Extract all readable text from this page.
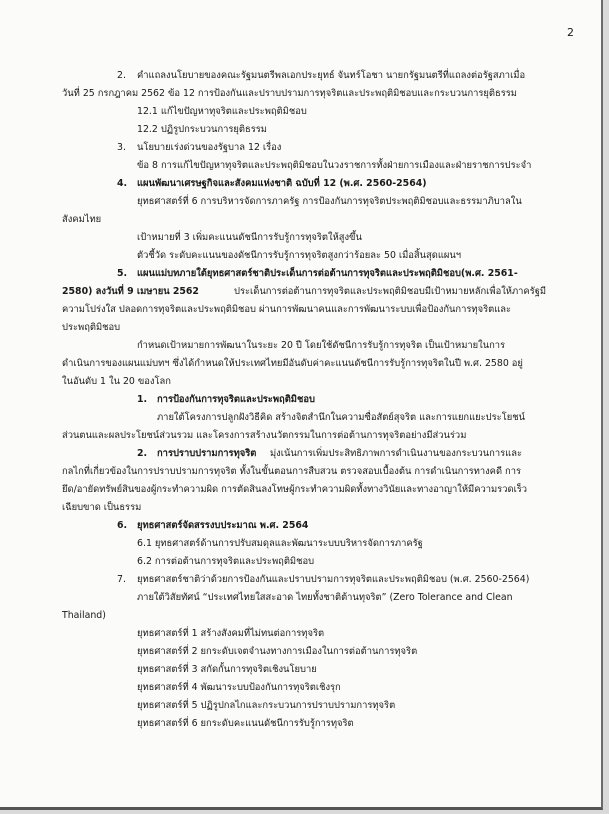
2
2. คำแถลงนโยบายของคณะรัฐมนตรีพลเอกประยุทธ์ จันทร์โอชา นายกรัฐมนตรีที่แถลงต่อรัฐสภาเมื่อ
วันที่ 25 กรกฎาคม 2562 ข้อ 12 การป้องกันและปราบปรามการทุจริตและประพฤติมิชอบและกระบวนการยุติธรรม
12.1 แก้ไขปัญหาทุจริตและประพฤติมิชอบ
12.2 ปฏิรูปกระบวนการยุติธรรม
3. นโยบายเร่งด่วนของรัฐบาล 12 เรื่อง
ข้อ 8 การแก้ไขปัญหาทุจริตและประพฤติมิชอบในวงราชการทั้งฝ่ายการเมืองและฝ่ายราชการประจำ
4. แผนพัฒนาเศรษฐกิจและสังคมแห่งชาติ ฉบับที่ 12 (พ.ศ. 2560-2564)
ยุทธศาสตร์ที่ 6 การบริหารจัดการภาครัฐ การป้องกันการทุจริตประพฤติมิชอบและธรรมาภิบาลใน
สังคมไทย
เป้าหมายที่ 3 เพิ่มคะแนนดัชนีการรับรู้การทุจริตให้สูงขึ้น
ตัวชี้วัด ระดับคะแนนของดัชนีการรับรู้การทุจริตสูงกว่าร้อยละ 50 เมื่อสิ้นสุดแผนฯ
5. แผนแม่บทภายใต้ยุทธศาสตร์ชาติประเด็นการต่อต้านการทุจริตและประพฤติมิชอบ(พ.ศ. 2561-
2580) ลงวันที่ 9 เมษายน 2562	ประเด็นการต่อต้านการทุจริตและประพฤติมิชอบมีเป้าหมายหลักเพื่อให้ภาครัฐมี
ความโปร่งใส ปลอดการทุจริตและประพฤติมิชอบ ผ่านการพัฒนาคนและการพัฒนาระบบเพื่อป้องกันการทุจริตและ
ประพฤติมิชอบ
กำหนดเป้าหมายการพัฒนาในระยะ 20 ปี โดยใช้ดัชนีการรับรู้การทุจริต เป็นเป้าหมายในการ
ดำเนินการของแผนแม่บทฯ ซึ่งได้กำหนดให้ประเทศไทยมีอันดับค่าคะแนนดัชนีการรับรู้การทุจริตในปี พ.ศ. 2580 อยู่
ในอันดับ 1 ใน 20 ของโลก
1. การป้องกันการทุจริตและประพฤติมิชอบ
ภายใต้โครงการปลูกฝังวิธีคิด สร้างจิตสำนึกในความซื่อสัตย์สุจริต และการแยกแยะประโยชน์
ส่วนตนและผลประโยชน์ส่วนรวม และโครงการสร้างนวัตกรรมในการต่อต้านการทุจริตอย่างมีส่วนร่วม
2. การปราบปรามการทุจริต มุ่งเน้นการเพิ่มประสิทธิภาพการดำเนินงานของกระบวนการและ
กลไกที่เกี่ยวข้องในการปราบปรามการทุจริต ทั้งในขั้นตอนการสืบสวน ตรวจสอบเบื้องต้น การดำเนินการทางคดี การ
ยึด/อายัดทรัพย์สินของผู้กระทำความผิด การตัดสินลงโทษผู้กระทำความผิดทั้งทางวินัยและทางอาญาให้มีความรวดเร็ว
เฉียบขาด เป็นธรรม
6. ยุทธศาสตร์จัดสรรงบประมาณ พ.ศ. 2564
6.1 ยุทธศาสตร์ด้านการปรับสมดุลและพัฒนาระบบบริหารจัดการภาครัฐ
6.2 การต่อต้านการทุจริตและประพฤติมิชอบ
7. ยุทธศาสตร์ชาติว่าด้วยการป้องกันและปราบปรามการทุจริตและประพฤติมิชอบ (พ.ศ. 2560-2564)
ภายใต้วิสัยทัศน์ “ประเทศไทยใสสะอาด ไทยทั้งชาติต้านทุจริต” (Zero Tolerance and Clean
Thailand)
ยุทธศาสตร์ที่ 1 สร้างสังคมที่ไม่ทนต่อการทุจริต
ยุทธศาสตร์ที่ 2 ยกระดับเจตจำนงทางการเมืองในการต่อต้านการทุจริต
ยุทธศาสตร์ที่ 3 สกัดกั้นการทุจริตเชิงนโยบาย
ยุทธศาสตร์ที่ 4 พัฒนาระบบป้องกันการทุจริตเชิงรุก
ยุทธศาสตร์ที่ 5 ปฏิรูปกลไกและกระบวนการปราบปรามการทุจริต
ยุทธศาสตร์ที่ 6 ยกระดับคะแนนดัชนีการรับรู้การทุจริต
